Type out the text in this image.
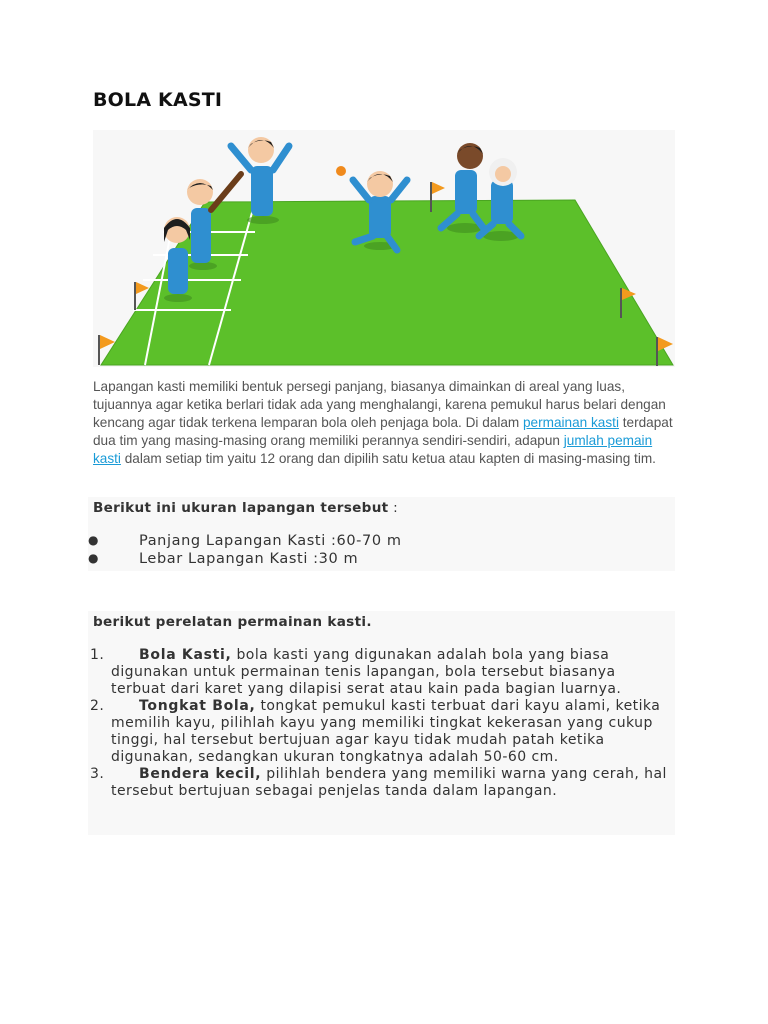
BOLA KASTI

Lapangan kasti memiliki bentuk persegi panjang, biasanya dimainkan di areal yang luas, tujuannya agar ketika berlari tidak ada yang menghalangi, karena pemukul harus belari dengan kencang agar tidak terkena lemparan bola oleh penjaga bola. Di dalam permainan kasti terdapat dua tim yang masing-masing orang memiliki perannya sendiri-sendiri, adapun jumlah pemain kasti dalam setiap tim yaitu 12 orang dan dipilih satu ketua atau kapten di masing-masing tim.

Berikut ini ukuran lapangan tersebut :
●	Panjang Lapangan Kasti :60-70 m
●	Lebar Lapangan Kasti :30 m
berikut perelatan permainan kasti.
1. Bola Kasti, bola kasti yang digunakan adalah bola yang biasa digunakan untuk permainan tenis lapangan, bola tersebut biasanya terbuat dari karet yang dilapisi serat atau kain pada bagian luarnya.
2. Tongkat Bola, tongkat pemukul kasti terbuat dari kayu alami, ketika memilih kayu, pilihlah kayu yang memiliki tingkat kekerasan yang cukup tinggi, hal tersebut bertujuan agar kayu tidak mudah patah ketika digunakan, sedangkan ukuran tongkatnya adalah 50-60 cm.
3. Bendera kecil, pilihlah bendera yang memiliki warna yang cerah, hal tersebut bertujuan sebagai penjelas tanda dalam lapangan.
